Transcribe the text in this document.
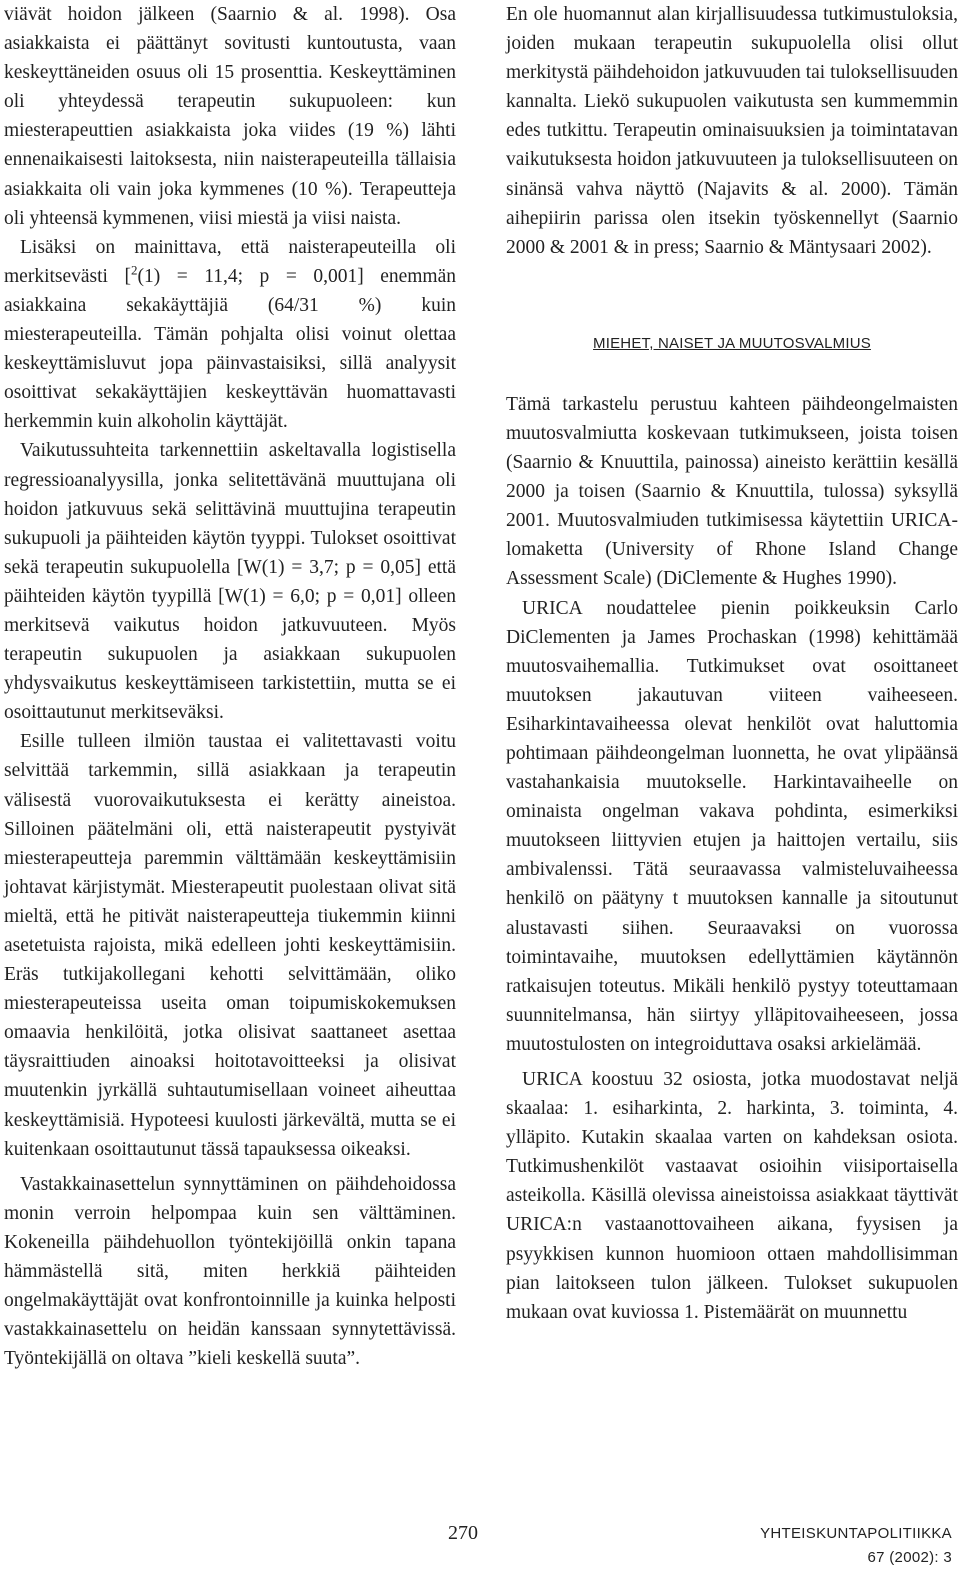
viävät hoidon jälkeen (Saarnio & al. 1998). Osa asiakkaista ei päättänyt sovitusti kuntoutusta, vaan keskeyttäneiden osuus oli 15 prosenttia. Keskeyttäminen oli yhteydessä terapeutin sukupuoleen: kun miesterapeuttien asiakkaista joka viides (19 %) lähti ennenaikaisesti laitoksesta, niin naisterapeuteilla tällaisia asiakkaita oli vain joka kymmenes (10 %). Terapeutteja oli yhteensä kymmenen, viisi miestä ja viisi naista.

Lisäksi on mainittava, että naisterapeuteilla oli merkitsevästi [$^2$(1) = 11,4; p = 0,001] enemmän asiakkaina sekakäyttäjiä (64/31 %) kuin miesterapeuteilla. Tämän pohjalta olisi voinut olettaa keskeyttämisluvut jopa päinvastaisiksi, sillä analyysit osoittivat sekakäyttäjien keskeyttävän huomattavasti herkemmin kuin alkoholin käyttäjät.

Vaikutussuhteita tarkennettiin askeltavalla logistisella regressioanalyysilla, jonka selitettävänä muuttujana oli hoidon jatkuvuus sekä selittävinä muuttujina terapeutin sukupuoli ja päihteiden käytön tyyppi. Tulokset osoittivat sekä terapeutin sukupuolella [W(1) = 3,7; p = 0,05] että päihteiden käytön tyypillä [W(1) = 6,0; p = 0,01] olleen merkitsevä vaikutus hoidon jatkuvuuteen. Myös terapeutin sukupuolen ja asiakkaan sukupuolen yhdysvaikutus keskeyttämiseen tarkistettiin, mutta se ei osoittautunut merkitseväksi.

Esille tulleen ilmiön taustaa ei valitettavasti voitu selvittää tarkemmin, sillä asiakkaan ja terapeutin välisestä vuorovaikutuksesta ei kerätty aineistoa. Silloinen päätelmäni oli, että naisterapeutit pystyivät miesterapeutteja paremmin välttämään keskeyttämisiin johtavat kärjistymät. Miesterapeutit puolestaan olivat sitä mieltä, että he pitivät naisterapeutteja tiukemmin kiinni asetetuista rajoista, mikä edelleen johti keskeyttämisiin. Eräs tutkijakollegani kehotti selvittämään, oliko miesterapeuteissa useita oman toipumiskokemuksen omaavia henkilöitä, jotka olisivat saattaneet asettaa täysraittiuden ainoaksi hoitotavoitteeksi ja olisivat muutenkin jyrkällä suhtautumisellaan voineet aiheuttaa keskeyttämisiä. Hypoteesi kuulosti järkevältä, mutta se ei kuitenkaan osoittautunut tässä tapauksessa oikeaksi.

Vastakkainasettelun synnyttäminen on päihdehoidossa monin verroin helpompaa kuin sen välttäminen. Kokeneilla päihdehuollon työntekijöillä onkin tapana hämmästellä sitä, miten herkkiä päihteiden ongelmakäyttäjät ovat konfrontoinnille ja kuinka helposti vastakkainasettelu on heidän kanssaan synnytettävissä. Työntekijällä on oltava ”kieli keskellä suuta”.

En ole huomannut alan kirjallisuudessa tutkimustuloksia, joiden mukaan terapeutin sukupuolella olisi ollut merkitystä päihdehoidon jatkuvuuden tai tuloksellisuuden kannalta. Liekö sukupuolen vaikutusta sen kummemmin edes tutkittu. Terapeutin ominaisuuksien ja toimintatavan vaikutuksesta hoidon jatkuvuuteen ja tuloksellisuuteen on sinänsä vahva näyttö (Najavits & al. 2000). Tämän aihepiirin parissa olen itsekin työskennellyt (Saarnio 2000 & 2001 & in press; Saarnio & Mäntysaari 2002).

MIEHET, NAISET JA MUUTOSVALMIUS

Tämä tarkastelu perustuu kahteen päihdeongelmaisten muutosvalmiutta koskevaan tutkimukseen, joista toisen (Saarnio & Knuuttila, painossa) aineisto kerättiin kesällä 2000 ja toisen (Saarnio & Knuuttila, tulossa) syksyllä 2001. Muutosvalmiuden tutkimisessa käytettiin URICA-lomaketta (University of Rhone Island Change Assessment Scale) (DiClemente & Hughes 1990).

URICA noudattelee pienin poikkeuksin Carlo DiClementen ja James Prochaskan (1998) kehittämää muutosvaihemallia. Tutkimukset ovat osoittaneet muutoksen jakautuvan viiteen vaiheeseen. Esiharkintavaiheessa olevat henkilöt ovat haluttomia pohtimaan päihdeongelman luonnetta, he ovat ylipäänsä vastahankaisia muutokselle. Harkintavaiheelle on ominaista ongelman vakava pohdinta, esimerkiksi muutokseen liittyvien etujen ja haittojen vertailu, siis ambivalenssi. Tätä seuraavassa valmisteluvaiheessa henkilö on päätyny t muutoksen kannalle ja sitoutunut alustavasti siihen. Seuraavaksi on vuorossa toimintavaihe, muutoksen edellyttämien käytännön ratkaisujen toteutus. Mikäli henkilö pystyy toteuttamaan suunnitelmansa, hän siirtyy ylläpitovaiheeseen, jossa muutostulosten on integroiduttava osaksi arkielämää.

URICA koostuu 32 osiosta, jotka muodostavat neljä skaalaa: 1. esiharkinta, 2. harkinta, 3. toiminta, 4. ylläpito. Kutakin skaalaa varten on kahdeksan osiota. Tutkimushenkilöt vastaavat osioihin viisiportaisella asteikolla. Käsillä olevissa aineistoissa asiakkaat täyttivät URICA:n vastaanottovaiheen aikana, fyysisen ja psyykkisen kunnon huomioon ottaen mahdollisimman pian laitokseen tulon jälkeen. Tulokset sukupuolen mukaan ovat kuviossa 1. Pistemäärät on muunnettu

270	YHTEISKUNTAPOLITIIKKA
67 (2002): 3
